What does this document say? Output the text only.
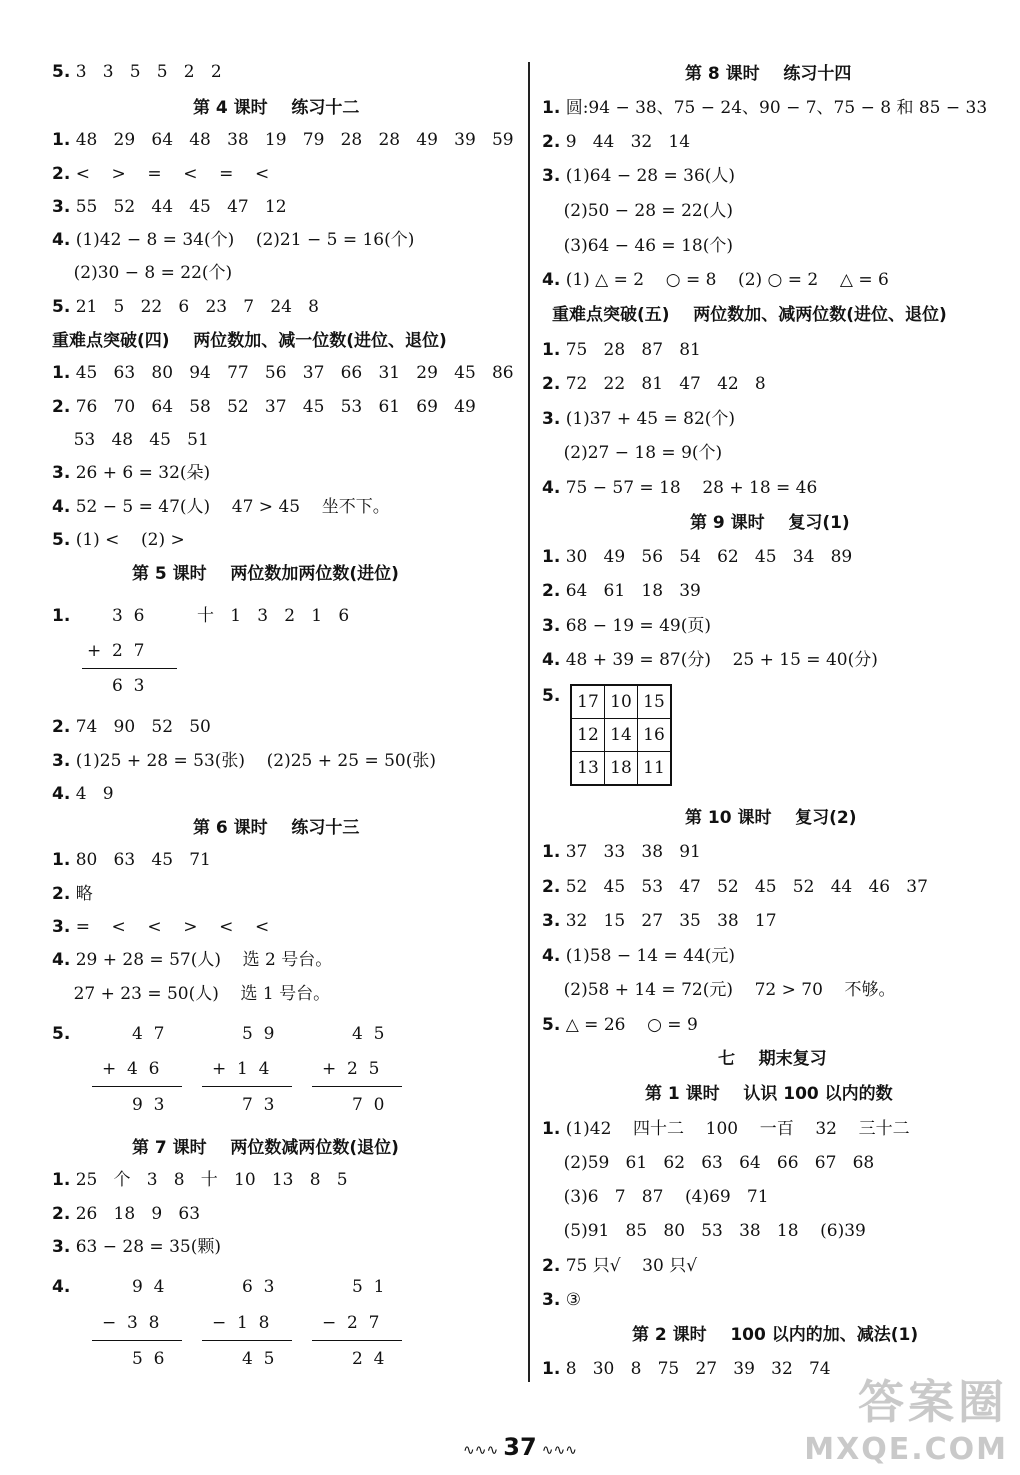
5. 3   3   5   5   2   2
第 4 课时    练习十二
1. 48   29   64   48   38   19   79   28   28   49   39   59
2. <    >    =    <    =    <
3. 55   52   44   45   47   12
4. (1)42 − 8 = 34(个)    (2)21 − 5 = 16(个)
(2)30 − 8 = 22(个)
5. 21   5   22   6   23   7   24   8
重难点突破(四)    两位数加、减一位数(进位、退位)
1. 45   63   80   94   77   56   37   66   31   29   45   86
2. 76   70   64   58   52   37   45   53   61   69   49
53   48   45   51
3. 26 + 6 = 32(朵)
4. 52 − 5 = 47(人)    47 > 45    坐不下。
5. (1) <    (2) >
第 5 课时    两位数加两位数(进位)
1. 3  6	十   1   3   2   1   6
+  2  7
6  3
2. 74   90   52   50
3. (1)25 + 28 = 53(张)    (2)25 + 25 = 50(张)
4. 4   9
第 6 课时    练习十三
1. 80   63   45   71
2. 略
3. =    <    <    >    <    <
4. 29 + 28 = 57(人)    选 2 号台。
27 + 23 = 50(人)    选 1 号台。
5.	4  7
+  4  6
9  3
5  9
+  1  4
7  3
4  5
+  2  5
7  0
第 7 课时    两位数减两位数(退位)
1. 25   个   3   8   十   10   13   8   5
2. 26   18   9   63
3. 63 − 28 = 35(颗)
4.	9  4
−  3  8
5  6
6  3
−  1  8
4  5
5  1
−  2  7
2  4
第 8 课时    练习十四
1. 圆:94 − 38、75 − 24、90 − 7、75 − 8 和 85 − 33
2. 9   44   32   14
3. (1)64 − 28 = 36(人)
(2)50 − 28 = 22(人)
(3)64 − 46 = 18(个)
4. (1) △ = 2    ○ = 8    (2) ○ = 2    △ = 6
重难点突破(五)    两位数加、减两位数(进位、退位)
1. 75   28   87   81
2. 72   22   81   47   42   8
3. (1)37 + 45 = 82(个)
(2)27 − 18 = 9(个)
4. 75 − 57 = 18    28 + 18 = 46
第 9 课时    复习(1)
1. 30   49   56   54   62   45   34   89
2. 64   61   18   39
3. 68 − 19 = 49(页)
4. 48 + 39 = 87(分)    25 + 15 = 40(分)
5.
第 10 课时    复习(2)
1. 37   33   38   91
2. 52   45   53   47   52   45   52   44   46   37
3. 32   15   27   35   38   17
4. (1)58 − 14 = 44(元)
(2)58 + 14 = 72(元)    72 > 70    不够。
5. △ = 26    ○ = 9
七    期末复习
第 1 课时    认识 100 以内的数
1. (1)42    四十二    100    一百    32    三十二
(2)59   61   62   63   64   66   67   68
(3)6   7   87    (4)69   71
(5)91   85   80   53   38   18    (6)39
2. 75 只√    30 只√
3. ③
第 2 课时    100 以内的加、减法(1)
1. 8   30   8   75   27   39   32   74
17	10	15
12	14	16
13	18	11
∿∿∿ 37 ∿∿∿
答案圈
MXQE.COM
